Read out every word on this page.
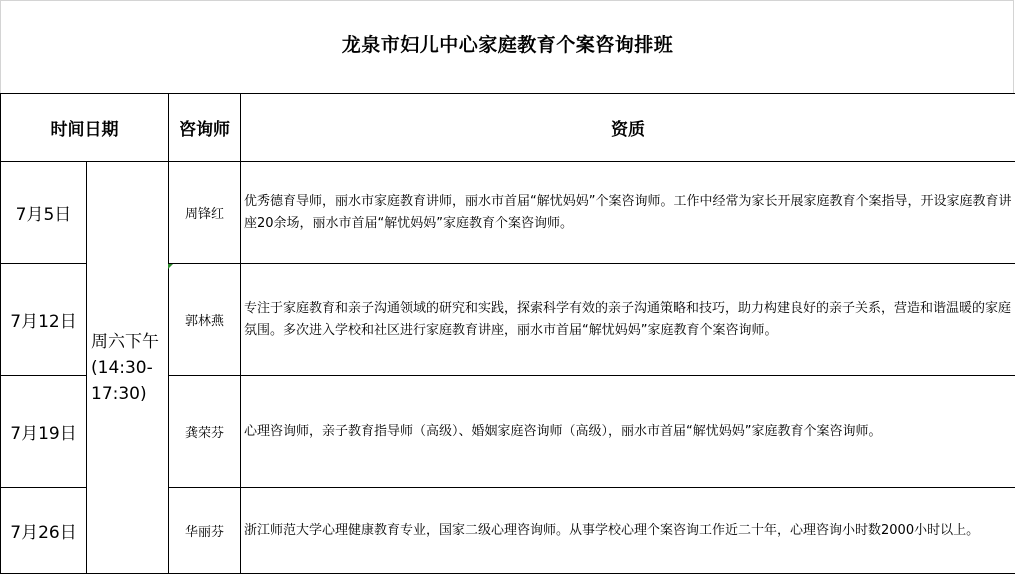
龙泉市妇儿中心家庭教育个案咨询排班
时间日期		咨询师	资质
7月5日	周六下午(14:30-17:30)	周锋红	优秀德育导师，丽水市家庭教育讲师，丽水市首届“解忧妈妈”个案咨询师。工作中经常为家长开展家庭教育个案指导，开设家庭教育讲座20余场，丽水市首届“解忧妈妈”家庭教育个案咨询师。
7月12日		郭林燕	专注于家庭教育和亲子沟通领域的研究和实践，探索科学有效的亲子沟通策略和技巧，助力构建良好的亲子关系，营造和谐温暖的家庭氛围。多次进入学校和社区进行家庭教育讲座，丽水市首届“解忧妈妈”家庭教育个案咨询师。
7月19日		龚荣芬	心理咨询师，亲子教育指导师（高级）、婚姻家庭咨询师（高级），丽水市首届“解忧妈妈”家庭教育个案咨询师。
7月26日		华丽芬	浙江师范大学心理健康教育专业，国家二级心理咨询师。从事学校心理个案咨询工作近二十年，心理咨询小时数2000小时以上。
